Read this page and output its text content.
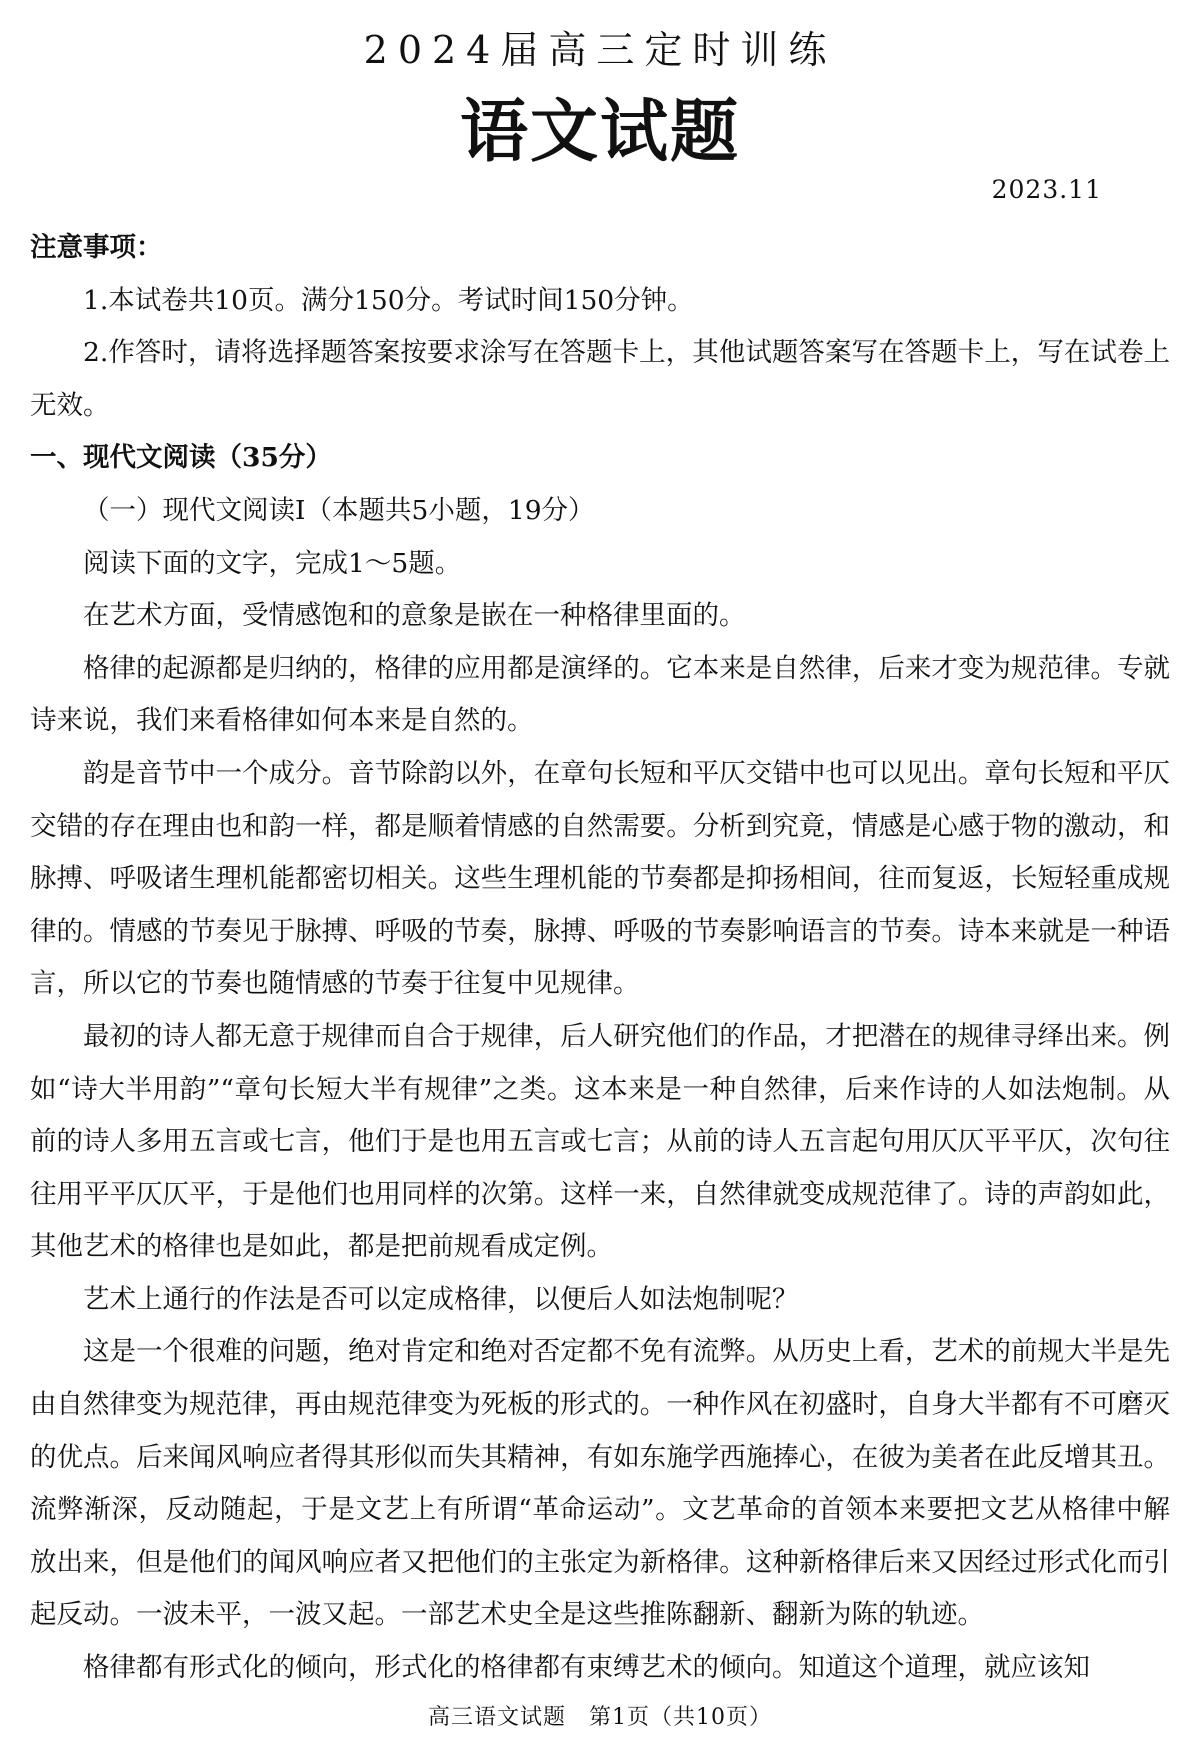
2024届高三定时训练
语文试题
2023.11

注意事项：

1.本试卷共10页。满分150分。考试时间150分钟。

2.作答时，请将选择题答案按要求涂写在答题卡上，其他试题答案写在答题卡上，写在试卷上无效。

一、现代文阅读（35分）

（一）现代文阅读Ⅰ（本题共5小题，19分）

阅读下面的文字，完成1～5题。

在艺术方面，受情感饱和的意象是嵌在一种格律里面的。

格律的起源都是归纳的，格律的应用都是演绎的。它本来是自然律，后来才变为规范律。专就诗来说，我们来看格律如何本来是自然的。

韵是音节中一个成分。音节除韵以外，在章句长短和平仄交错中也可以见出。章句长短和平仄交错的存在理由也和韵一样，都是顺着情感的自然需要。分析到究竟，情感是心感于物的激动，和脉搏、呼吸诸生理机能都密切相关。这些生理机能的节奏都是抑扬相间，往而复返，长短轻重成规律的。情感的节奏见于脉搏、呼吸的节奏，脉搏、呼吸的节奏影响语言的节奏。诗本来就是一种语言，所以它的节奏也随情感的节奏于往复中见规律。

最初的诗人都无意于规律而自合于规律，后人研究他们的作品，才把潜在的规律寻绎出来。例如“诗大半用韵”“章句长短大半有规律”之类。这本来是一种自然律，后来作诗的人如法炮制。从前的诗人多用五言或七言，他们于是也用五言或七言；从前的诗人五言起句用仄仄平平仄，次句往往用平平仄仄平，于是他们也用同样的次第。这样一来，自然律就变成规范律了。诗的声韵如此，其他艺术的格律也是如此，都是把前规看成定例。

艺术上通行的作法是否可以定成格律，以便后人如法炮制呢？

这是一个很难的问题，绝对肯定和绝对否定都不免有流弊。从历史上看，艺术的前规大半是先由自然律变为规范律，再由规范律变为死板的形式的。一种作风在初盛时，自身大半都有不可磨灭的优点。后来闻风响应者得其形似而失其精神，有如东施学西施捧心，在彼为美者在此反增其丑。流弊渐深，反动随起，于是文艺上有所谓“革命运动”。文艺革命的首领本来要把文艺从格律中解放出来，但是他们的闻风响应者又把他们的主张定为新格律。这种新格律后来又因经过形式化而引起反动。一波未平，一波又起。一部艺术史全是这些推陈翻新、翻新为陈的轨迹。

格律都有形式化的倾向，形式化的格律都有束缚艺术的倾向。知道这个道理，就应该知

高三语文试题　第1页（共10页）
